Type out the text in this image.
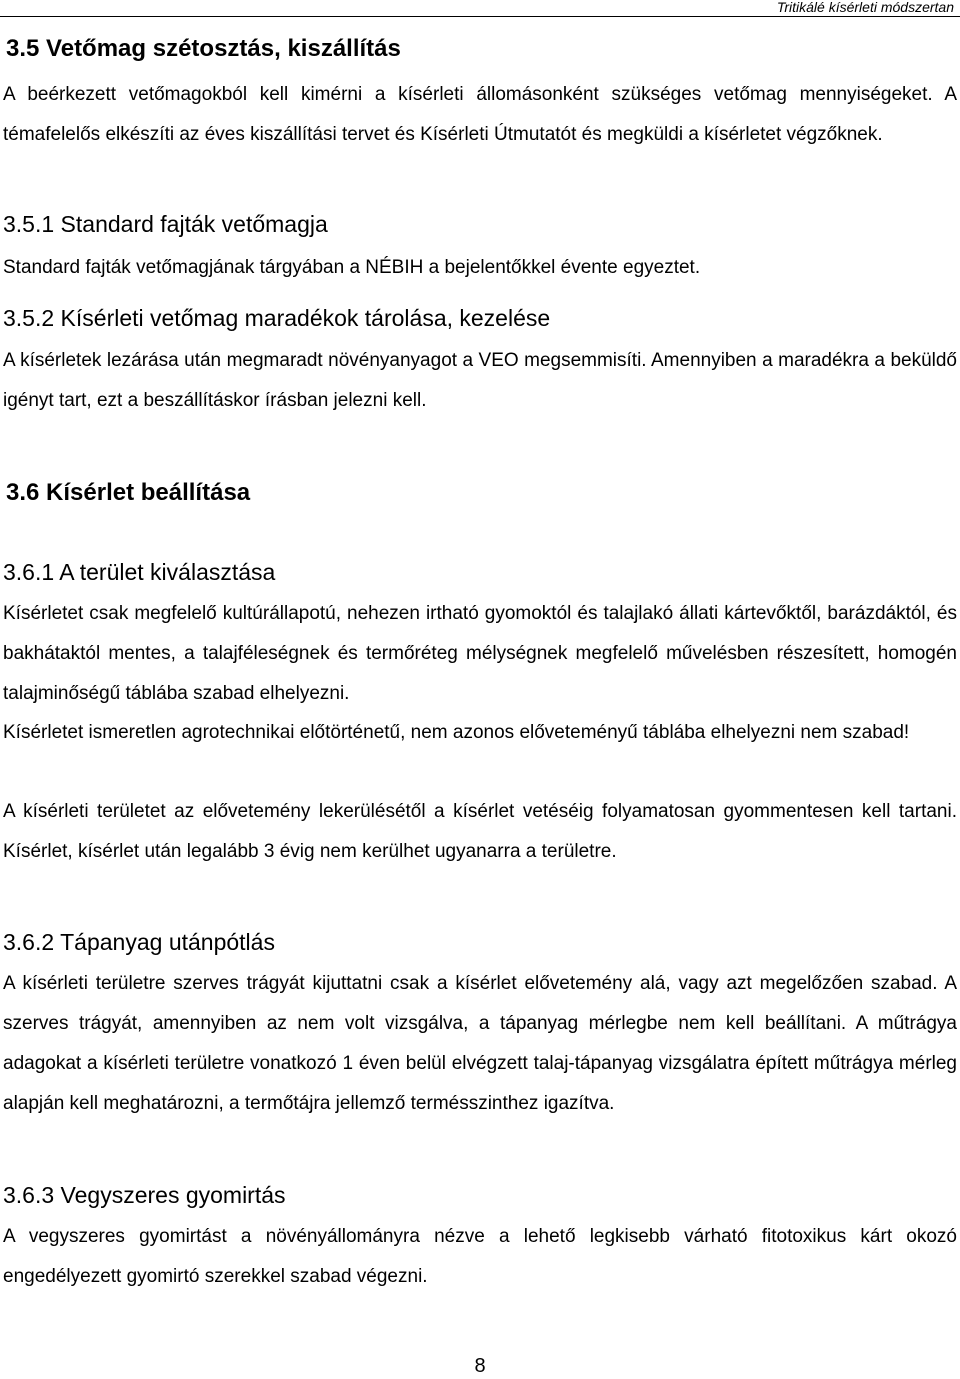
Tritikálé kísérleti módszertan
3.5 Vetőmag szétosztás, kiszállítás

A beérkezett vetőmagokból kell kimérni a kísérleti állomásonként szükséges vetőmag mennyiségeket. A témafelelős elkészíti az éves kiszállítási tervet és Kísérleti Útmutatót és megküldi a kísérletet végzőknek.

3.5.1 Standard fajták vetőmagja

Standard fajták vetőmagjának tárgyában a NÉBIH a bejelentőkkel évente egyeztet.

3.5.2 Kísérleti vetőmag maradékok tárolása, kezelése

A kísérletek lezárása után megmaradt növényanyagot a VEO megsemmisíti. Amennyiben a maradékra a beküldő igényt tart, ezt a beszállításkor írásban jelezni kell.

3.6 Kísérlet beállítása
3.6.1 A terület kiválasztása

Kísérletet csak megfelelő kultúrállapotú, nehezen irtható gyomoktól és talajlakó állati kártevőktől, barázdáktól, és bakhátaktól mentes, a talajféleségnek és termőréteg mélységnek megfelelő művelésben részesített, homogén talajminőségű táblába szabad elhelyezni.

Kísérletet ismeretlen agrotechnikai előtörténetű, nem azonos előveteményű táblába elhelyezni nem szabad!

A kísérleti területet az elővetemény lekerülésétől a kísérlet vetéséig folyamatosan gyommentesen kell tartani. Kísérlet, kísérlet után legalább 3 évig nem kerülhet ugyanarra a területre.

3.6.2 Tápanyag utánpótlás

A kísérleti területre szerves trágyát kijuttatni csak a kísérlet elővetemény alá, vagy azt megelőzően szabad. A szerves trágyát, amennyiben az nem volt vizsgálva, a tápanyag mérlegbe nem kell beállítani. A műtrágya adagokat a kísérleti területre vonatkozó 1 éven belül elvégzett talaj-tápanyag vizsgálatra épített műtrágya mérleg alapján kell meghatározni, a termőtájra jellemző termésszinthez igazítva.

3.6.3 Vegyszeres gyomirtás

A vegyszeres gyomirtást a növényállományra nézve a lehető legkisebb várható fitotoxikus kárt okozó engedélyezett gyomirtó szerekkel szabad végezni.

8
